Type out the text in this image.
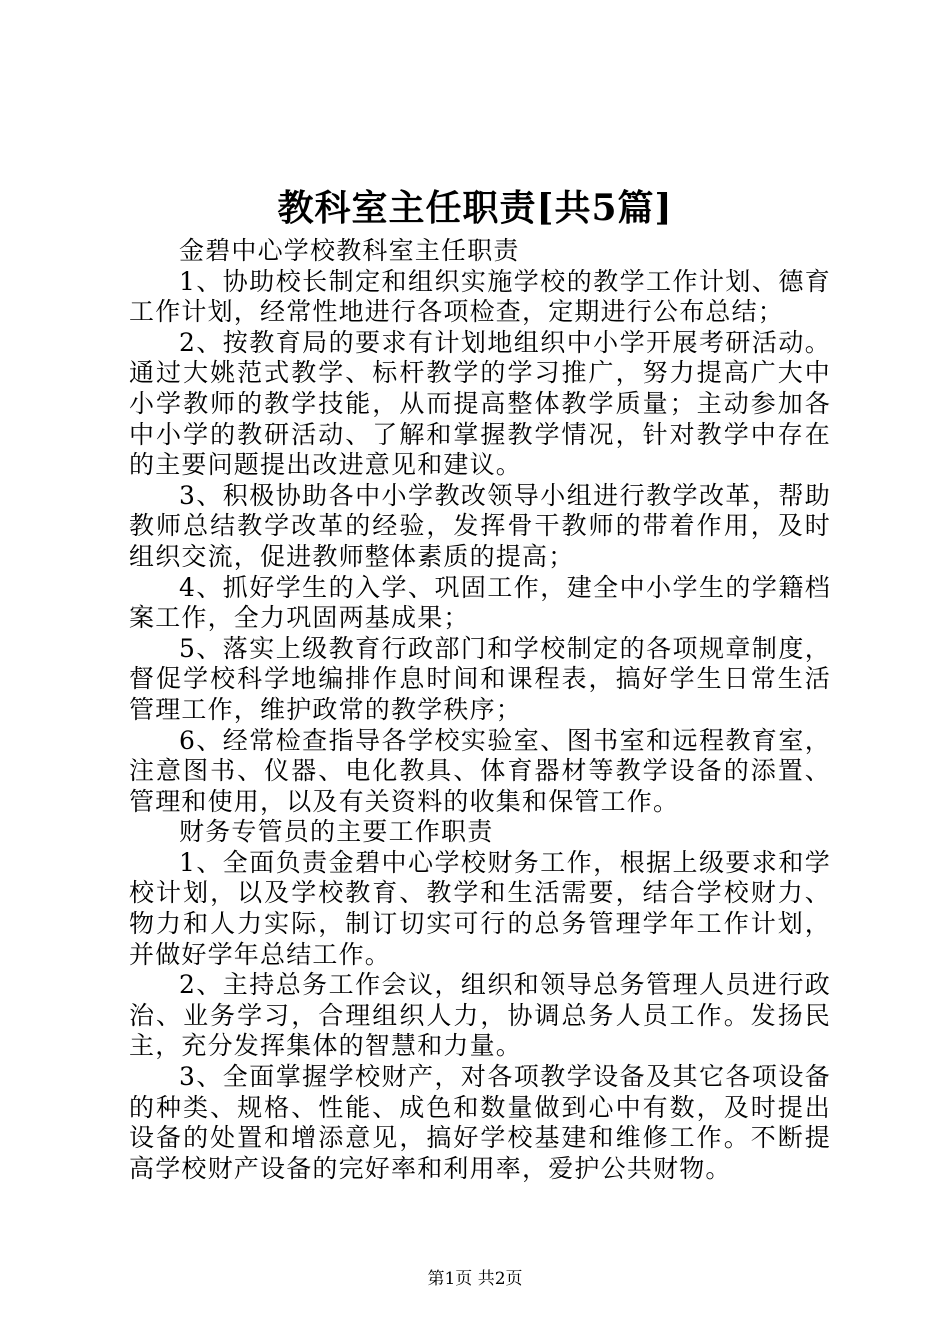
教科室主任职责[共5篇]

金碧中心学校教科室主任职责

1、协助校长制定和组织实施学校的教学工作计划、德育工作计划，经常性地进行各项检查，定期进行公布总结；

2、按教育局的要求有计划地组织中小学开展考研活动。通过大姚范式教学、标杆教学的学习推广，努力提高广大中小学教师的教学技能，从而提高整体教学质量；主动参加各中小学的教研活动、了解和掌握教学情况，针对教学中存在的主要问题提出改进意见和建议。

3、积极协助各中小学教改领导小组进行教学改革，帮助教师总结教学改革的经验，发挥骨干教师的带着作用，及时组织交流，促进教师整体素质的提高；

4、抓好学生的入学、巩固工作，建全中小学生的学籍档案工作，全力巩固两基成果；

5、落实上级教育行政部门和学校制定的各项规章制度，督促学校科学地编排作息时间和课程表，搞好学生日常生活管理工作，维护政常的教学秩序；

6、经常检查指导各学校实验室、图书室和远程教育室，注意图书、仪器、电化教具、体育器材等教学设备的添置、管理和使用，以及有关资料的收集和保管工作。

财务专管员的主要工作职责

1、全面负责金碧中心学校财务工作，根据上级要求和学校计划，以及学校教育、教学和生活需要，结合学校财力、物力和人力实际，制订切实可行的总务管理学年工作计划，并做好学年总结工作。

2、主持总务工作会议，组织和领导总务管理人员进行政治、业务学习，合理组织人力，协调总务人员工作。发扬民主，充分发挥集体的智慧和力量。

3、全面掌握学校财产，对各项教学设备及其它各项设备的种类、规格、性能、成色和数量做到心中有数，及时提出设备的处置和增添意见，搞好学校基建和维修工作。不断提高学校财产设备的完好率和利用率，爱护公共财物。

第1页 共2页
